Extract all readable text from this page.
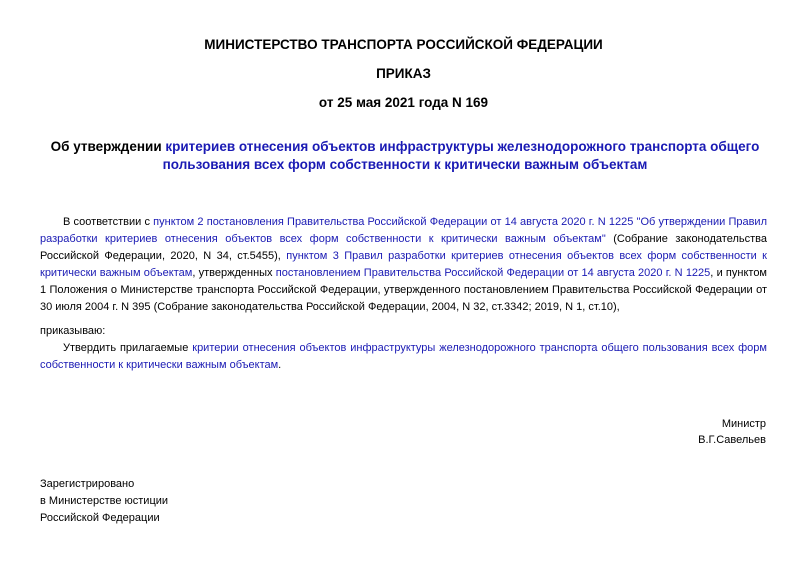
МИНИСТЕРСТВО ТРАНСПОРТА РОССИЙСКОЙ ФЕДЕРАЦИИ
ПРИКАЗ
от 25 мая 2021 года N 169
Об утверждении критериев отнесения объектов инфраструктуры железнодорожного транспорта общего пользования всех форм собственности к критически важным объектам
В соответствии с пунктом 2 постановления Правительства Российской Федерации от 14 августа 2020 г. N 1225 "Об утверждении Правил разработки критериев отнесения объектов всех форм собственности к критически важным объектам" (Собрание законодательства Российской Федерации, 2020, N 34, ст.5455), пунктом 3 Правил разработки критериев отнесения объектов всех форм собственности к критически важным объектам, утвержденных постановлением Правительства Российской Федерации от 14 августа 2020 г. N 1225, и пунктом 1 Положения о Министерстве транспорта Российской Федерации, утвержденного постановлением Правительства Российской Федерации от 30 июля 2004 г. N 395 (Собрание законодательства Российской Федерации, 2004, N 32, ст.3342; 2019, N 1, ст.10),
приказываю:
Утвердить прилагаемые критерии отнесения объектов инфраструктуры железнодорожного транспорта общего пользования всех форм собственности к критически важным объектам.
Министр
В.Г.Савельев
Зарегистрировано
в Министерстве юстиции
Российской Федерации
